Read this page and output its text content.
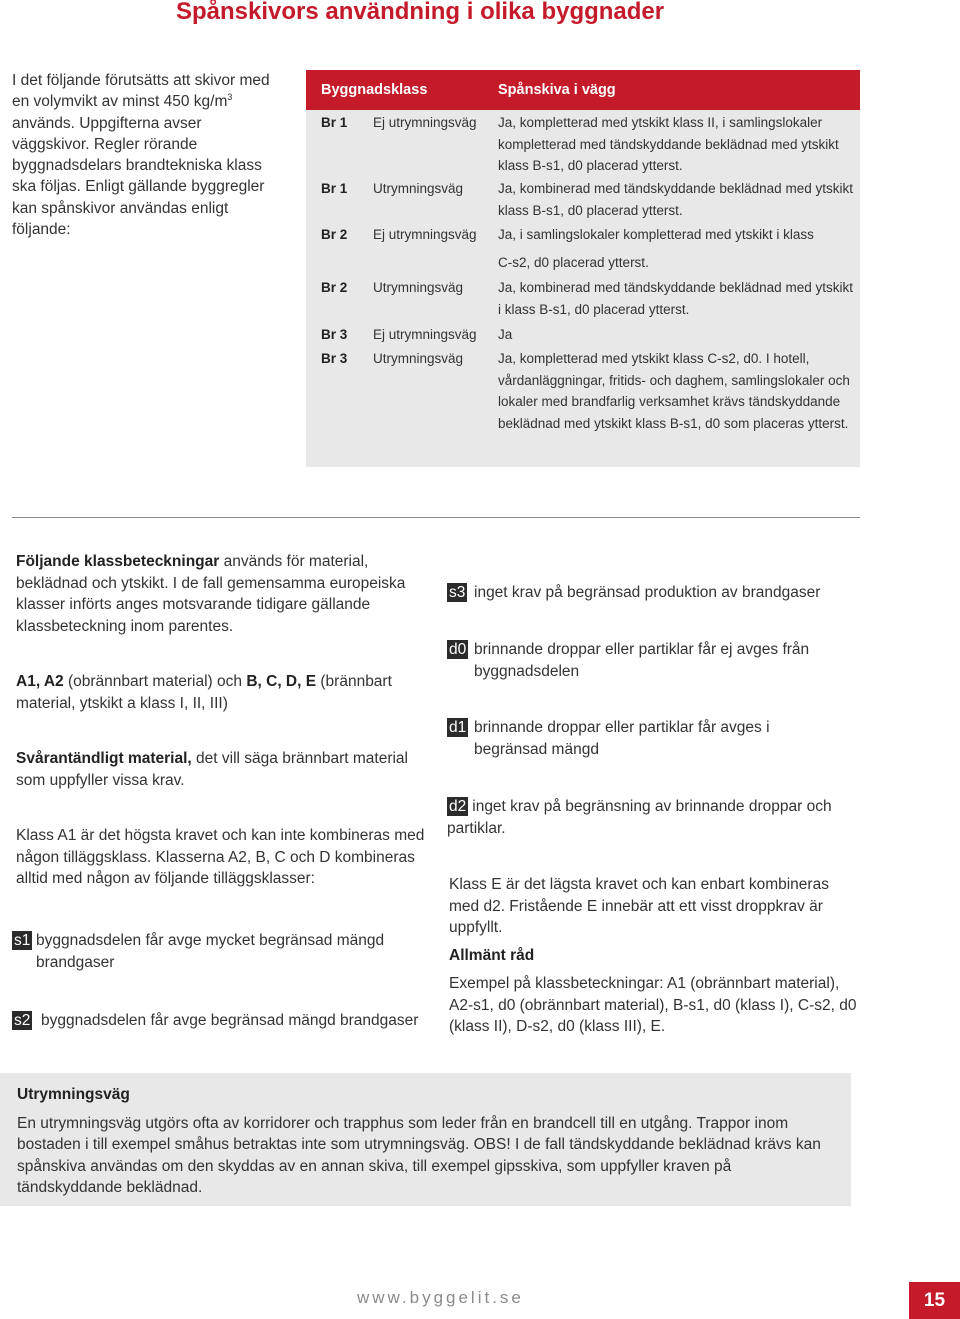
Spånskivors användning i olika byggnader
I det följande förutsätts att skivor med en volymvikt av minst 450 $kg/m^3$ används. Uppgifterna avser väggskivor. Regler rörande byggnadsdelars brandtekniska klass ska följas. Enligt gällande byggregler kan spånskivor användas enligt följande:
Byggnadsklass	Spånskiva i vägg
Br 1 Ej utrymningsväg Ja, kompletterad med ytskikt klass II, i samlingslokaler kompletterad med tändskyddande beklädnad med ytskikt klass B-s1, d0 placerad ytterst.
Br 1 Utrymningsväg	Ja, kombinerad med tändskyddande beklädnad med ytskikt klass B-s1, d0 placerad ytterst.
Br 2 Ej utrymningsväg Ja, i samlingslokaler kompletterad med ytskikt i klass
C-s2, d0 placerad ytterst.
Br 2 Utrymningsväg	Ja, kombinerad med tändskyddande beklädnad med ytskikt i klass B-s1, d0 placerad ytterst.
Br 3 Ej utrymningsväg Ja
Br 3 Utrymningsväg	Ja, kompletterad med ytskikt klass C-s2, d0. I hotell, vårdanläggningar, fritids- och daghem, samlingslokaler och lokaler med brandfarlig verksamhet krävs tändskyddande beklädnad med ytskikt klass B-s1, d0 som placeras ytterst.

Följande klassbeteckningar används för material, beklädnad och ytskikt. I de fall gemensamma europeiska klasser införts anges motsvarande tidigare gällande klassbeteckning inom parentes.

A1, A2 (obrännbart material) och B, C, D, E (brännbart material, ytskikt a klass I, II, III)

Svårantändligt material, det vill säga brännbart material som uppfyller vissa krav.

Klass A1 är det högsta kravet och kan inte kombineras med någon tilläggsklass. Klasserna A2, B, C och D kombineras alltid med någon av följande tilläggsklasser:

s1 byggnadsdelen får avge mycket begränsad mängd brandgaser
s2 byggnadsdelen får avge begränsad mängd brandgaser
s3 inget krav på begränsad produktion av brandgaser
d0 brinnande droppar eller partiklar får ej avges från byggnadsdelen
d1 brinnande droppar eller partiklar får avges i begränsad mängd
d2 inget krav på begränsning av brinnande droppar och partiklar.
Klass E är det lägsta kravet och kan enbart kombineras med d2. Fristående E innebär att ett visst droppkrav är uppfyllt.
Allmänt råd
Exempel på klassbeteckningar: A1 (obrännbart material), A2-s1, d0 (obrännbart material), B-s1, d0 (klass I), C-s2, d0 (klass II), D-s2, d0 (klass III), E.
Utrymningsväg
En utrymningsväg utgörs ofta av korridorer och trapphus som leder från en brandcell till en utgång. Trappor inom bostaden i till exempel småhus betraktas inte som utrymningsväg. OBS! I de fall tändskyddande beklädnad krävs kan spånskiva användas om den skyddas av en annan skiva, till exempel gipsskiva, som uppfyller kraven på tändskyddande beklädnad.
www.byggelit.se	15
